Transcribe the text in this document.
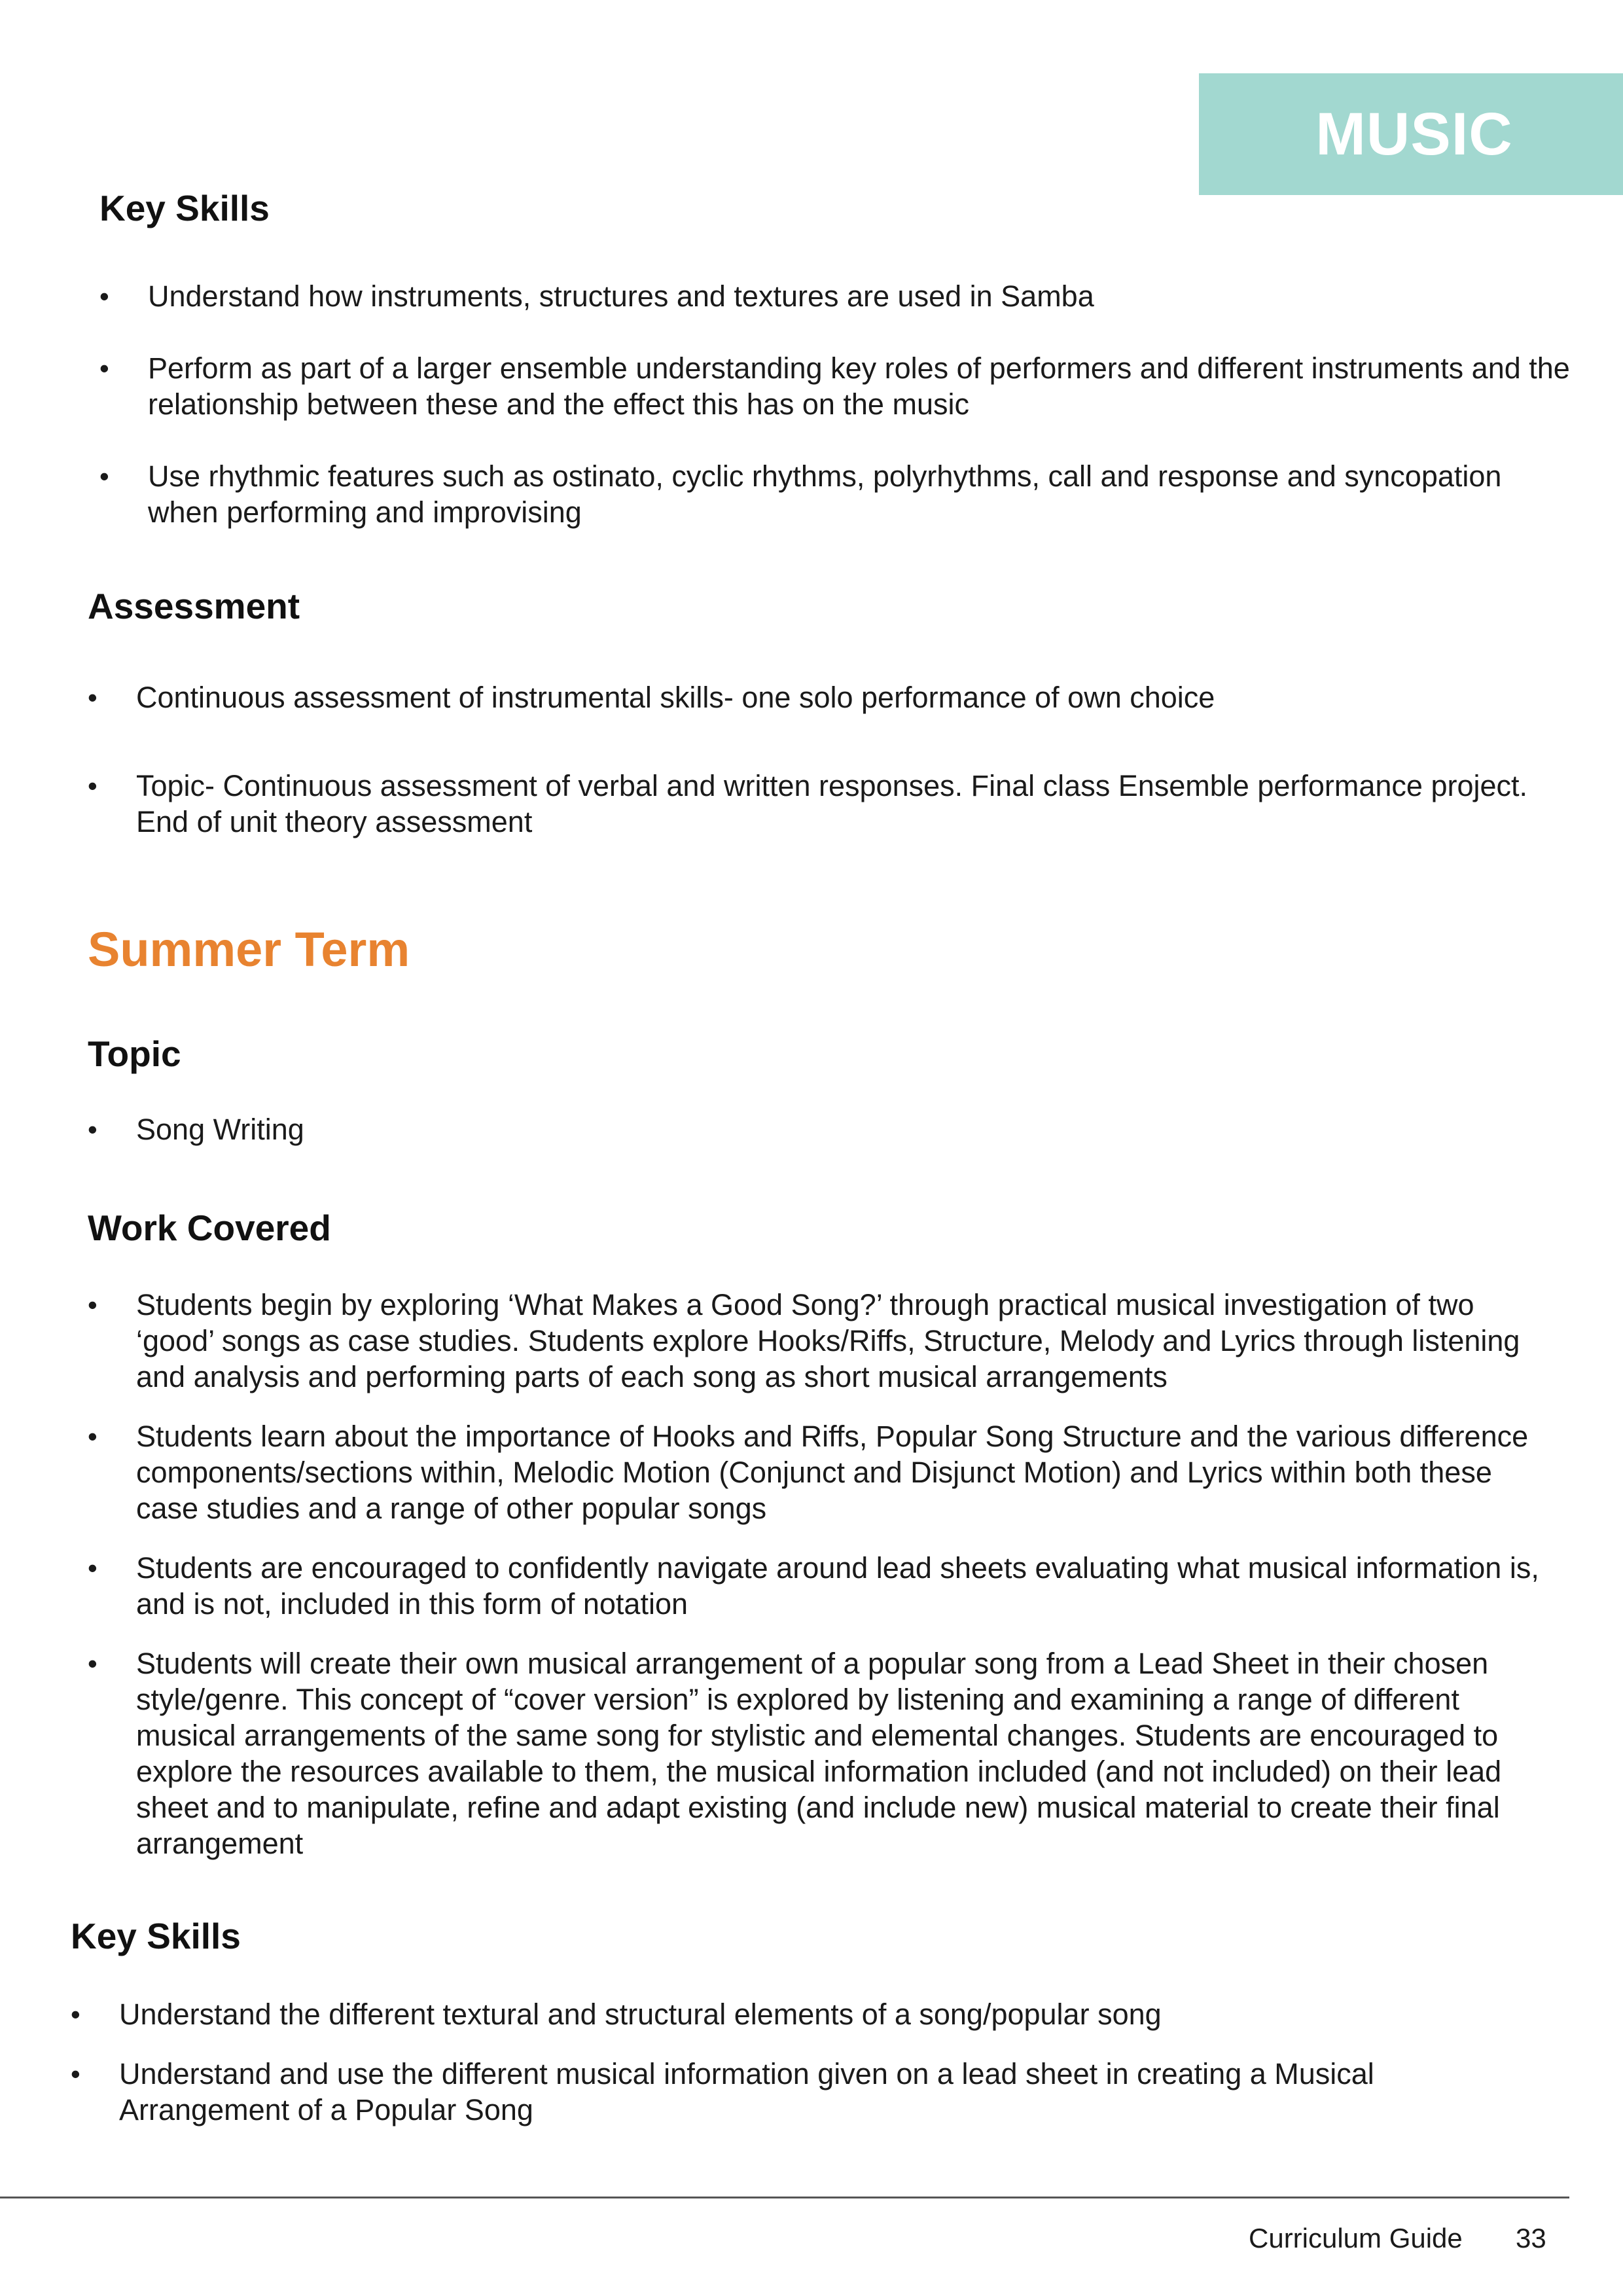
MUSIC
Key Skills
• Understand how instruments, structures and textures are used in Samba
• Perform as part of a larger ensemble understanding key roles of performers and different instruments and the relationship between these and the effect this has on the music
• Use rhythmic features such as ostinato, cyclic rhythms, polyrhythms, call and response and syncopation when performing and improvising
Assessment
• Continuous assessment of instrumental skills- one solo performance of own choice
• Topic- Continuous assessment of verbal and written responses. Final class Ensemble performance project. End of unit theory assessment
Summer Term
Topic
• Song Writing
Work Covered
• Students begin by exploring ‘What Makes a Good Song?’ through practical musical investigation of two ‘good’ songs as case studies. Students explore Hooks/Riffs, Structure, Melody and Lyrics through listening and analysis and performing parts of each song as short musical arrangements
• Students learn about the importance of Hooks and Riffs, Popular Song Structure and the various difference components/sections within, Melodic Motion (Conjunct and Disjunct Motion) and Lyrics within both these case studies and a range of other popular songs
• Students are encouraged to confidently navigate around lead sheets evaluating what musical information is, and is not, included in this form of notation
• Students will create their own musical arrangement of a popular song from a Lead Sheet in their chosen style/genre. This concept of “cover version” is explored by listening and examining a range of different musical arrangements of the same song for stylistic and elemental changes. Students are encouraged to explore the resources available to them, the musical information included (and not included) on their lead sheet and to manipulate, refine and adapt existing (and include new) musical material to create their final arrangement
Key Skills
• Understand the different textural and structural elements of a song/popular song
• Understand and use the different musical information given on a lead sheet in creating a Musical Arrangement of a Popular Song
Curriculum Guide 33
